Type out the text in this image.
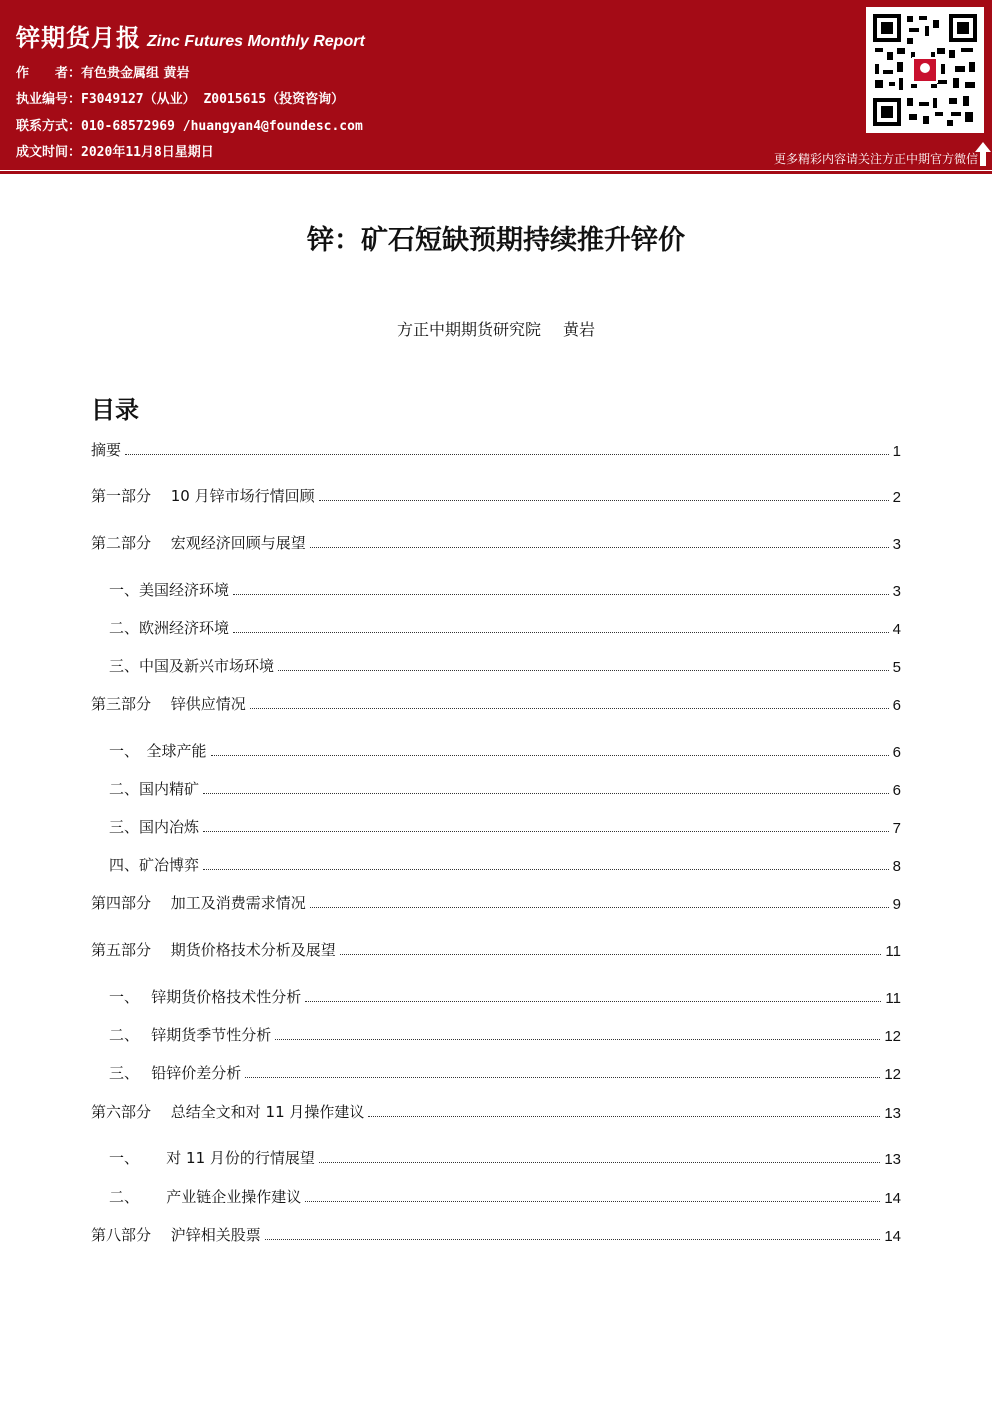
锌期货月报 Zinc Futures Monthly Report
作　　者：有色贵金属组 黄岩
执业编号：F3049127（从业） Z0015615（投资咨询）
联系方式：010-68572969 /huangyan4@foundesc.com
成文时间：2020年11月8日星期日	更多精彩内容请关注方正中期官方微信
锌：矿石短缺预期持续推升锌价
方正中期期货研究院 黄岩
目录
摘要	1
第一部分　 10 月锌市场行情回顾	2
第二部分　 宏观经济回顾与展望	3
一、美国经济环境	3
二、欧洲经济环境	4
三、中国及新兴市场环境	5
第三部分　 锌供应情况	6
一、　全球产能	6
二、国内精矿	6
三、国内冶炼	7
四、矿冶博弈	8
第四部分　 加工及消费需求情况	9
第五部分　 期货价格技术分析及展望	11
一、　 锌期货价格技术性分析	11
二、　 锌期货季节性分析	12
三、　 铅锌价差分析	12
第六部分　 总结全文和对 11 月操作建议	13
一、　　 对 11 月份的行情展望	13
二、　　 产业链企业操作建议	14
第八部分　 沪锌相关股票	14
